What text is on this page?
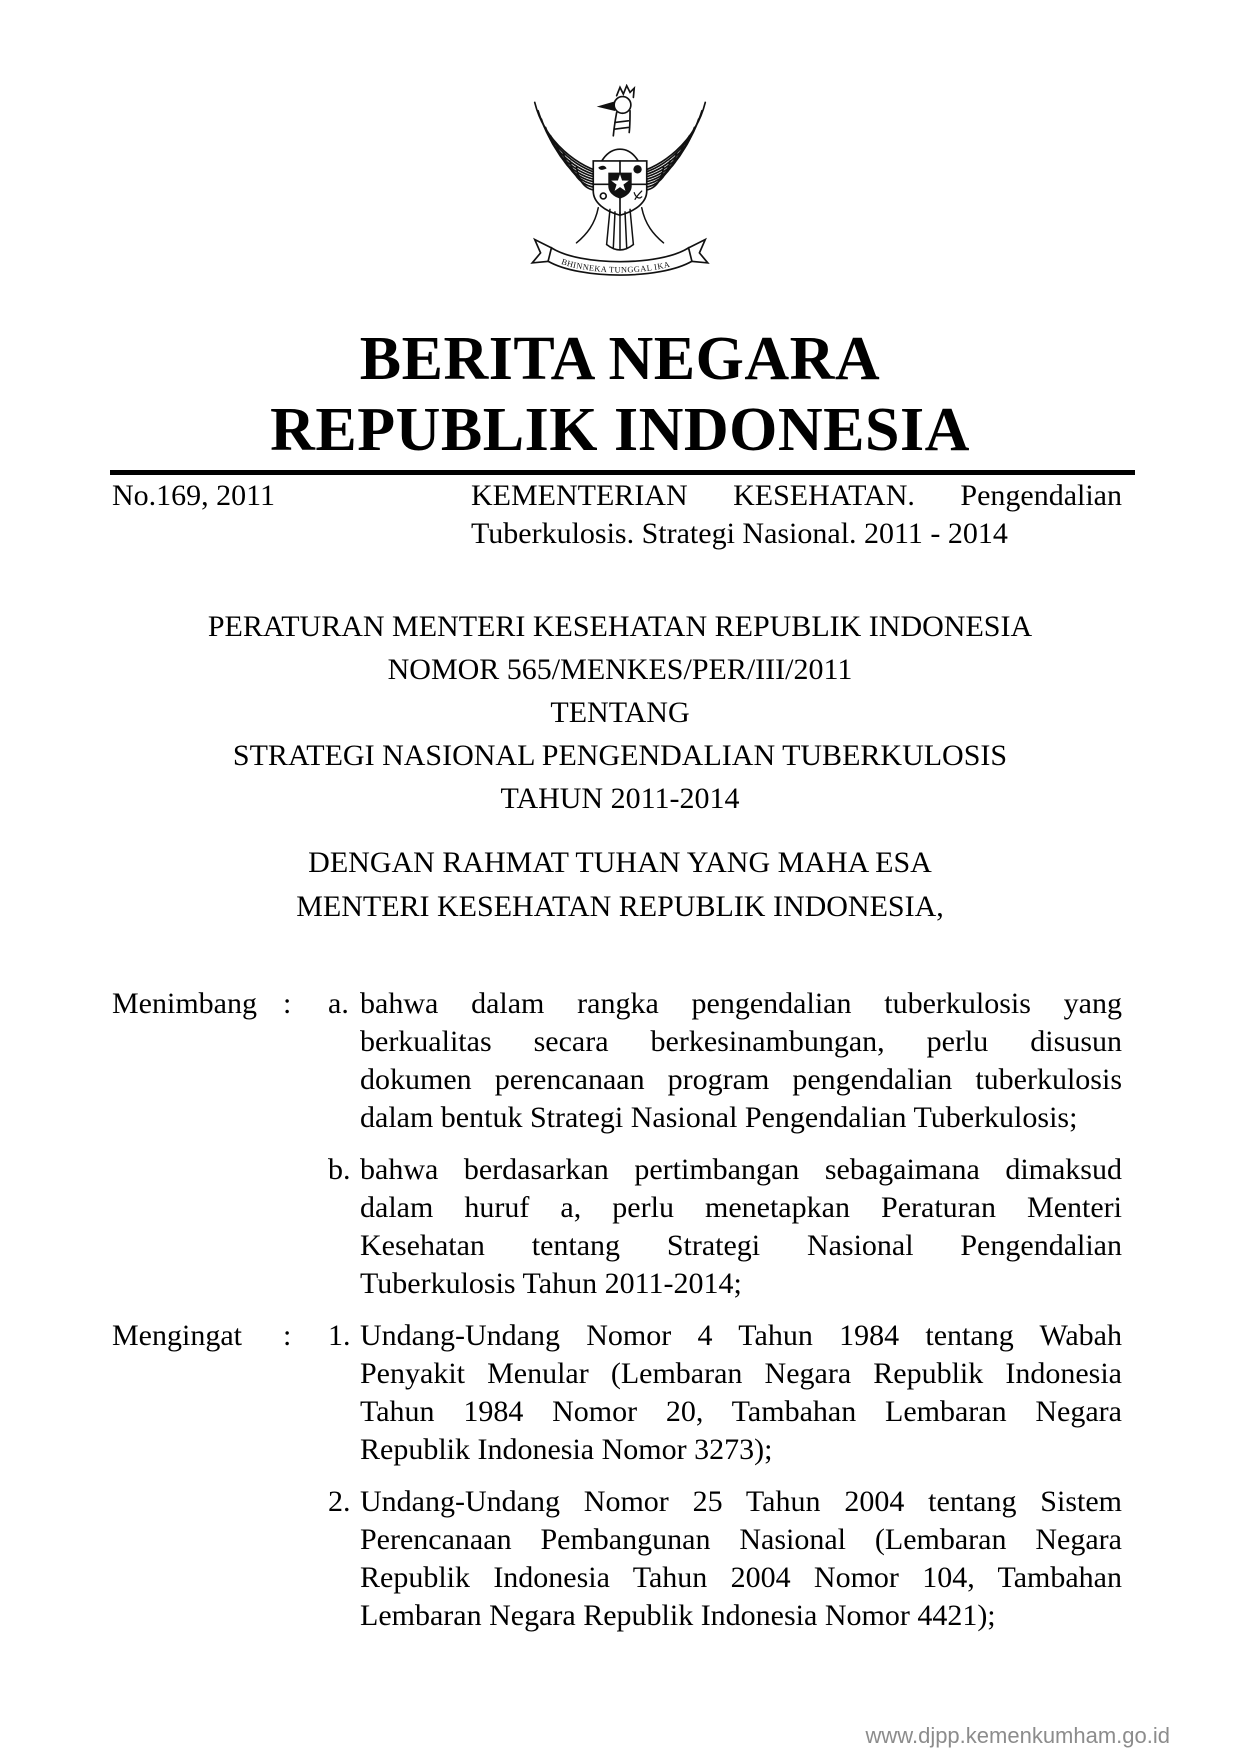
BHINNEKA TUNGGAL IKA
BERITA NEGARA
REPUBLIK INDONESIA
No.169, 2011	KEMENTERIAN KESEHATAN. Pengendalian
Tuberkulosis. Strategi Nasional. 2011 - 2014
PERATURAN MENTERI KESEHATAN REPUBLIK INDONESIA
NOMOR 565/MENKES/PER/III/2011
TENTANG
STRATEGI NASIONAL PENGENDALIAN TUBERKULOSIS
TAHUN 2011-2014
DENGAN RAHMAT TUHAN YANG MAHA ESA
MENTERI KESEHATAN REPUBLIK INDONESIA,
Menimbang :	a. bahwa dalam rangka pengendalian tuberkulosis yang
berkualitas secara berkesinambungan, perlu disusun
dokumen perencanaan program pengendalian tuberkulosis
dalam bentuk Strategi Nasional Pengendalian Tuberkulosis;
b. bahwa berdasarkan pertimbangan sebagaimana dimaksud
dalam huruf a, perlu menetapkan Peraturan Menteri
Kesehatan tentang Strategi Nasional Pengendalian
Tuberkulosis Tahun 2011-2014;
Mengingat	:	1. Undang-Undang Nomor 4 Tahun 1984 tentang Wabah
Penyakit Menular (Lembaran Negara Republik Indonesia
Tahun 1984 Nomor 20, Tambahan Lembaran Negara
Republik Indonesia Nomor 3273);
2. Undang-Undang Nomor 25 Tahun 2004 tentang Sistem
Perencanaan Pembangunan Nasional (Lembaran Negara
Republik Indonesia Tahun 2004 Nomor 104, Tambahan
Lembaran Negara Republik Indonesia Nomor 4421);
www.djpp.kemenkumham.go.id
